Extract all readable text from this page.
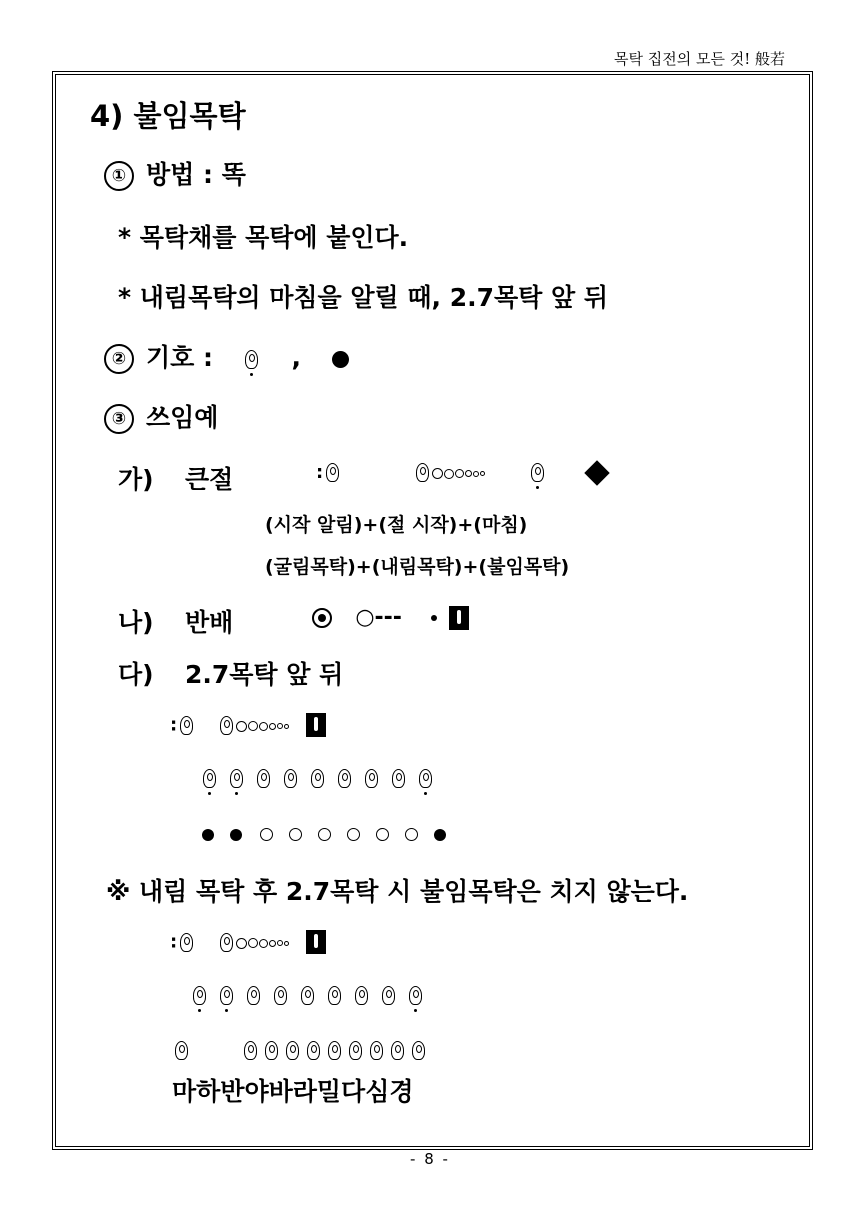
목탁 집전의 모든 것! 般若
4) 불임목탁
① 방법 : 똑
* 목탁채를 목탁에 붙인다.
* 내림목탁의 마침을 알릴 때, 2.7목탁 앞 뒤
② 기호 :	,
③ 쓰임예
가) 큰절	:
(시작 알림)+(절 시작)+(마침)
(굴림목탁)+(내림목탁)+(불임목탁)
나) 반배	○---
다) 2.7목탁 앞 뒤
:
※ 내림 목탁 후 2.7목탁 시 불임목탁은 치지 않는다.
:

마하반야바라밀다심경
- 8 -
